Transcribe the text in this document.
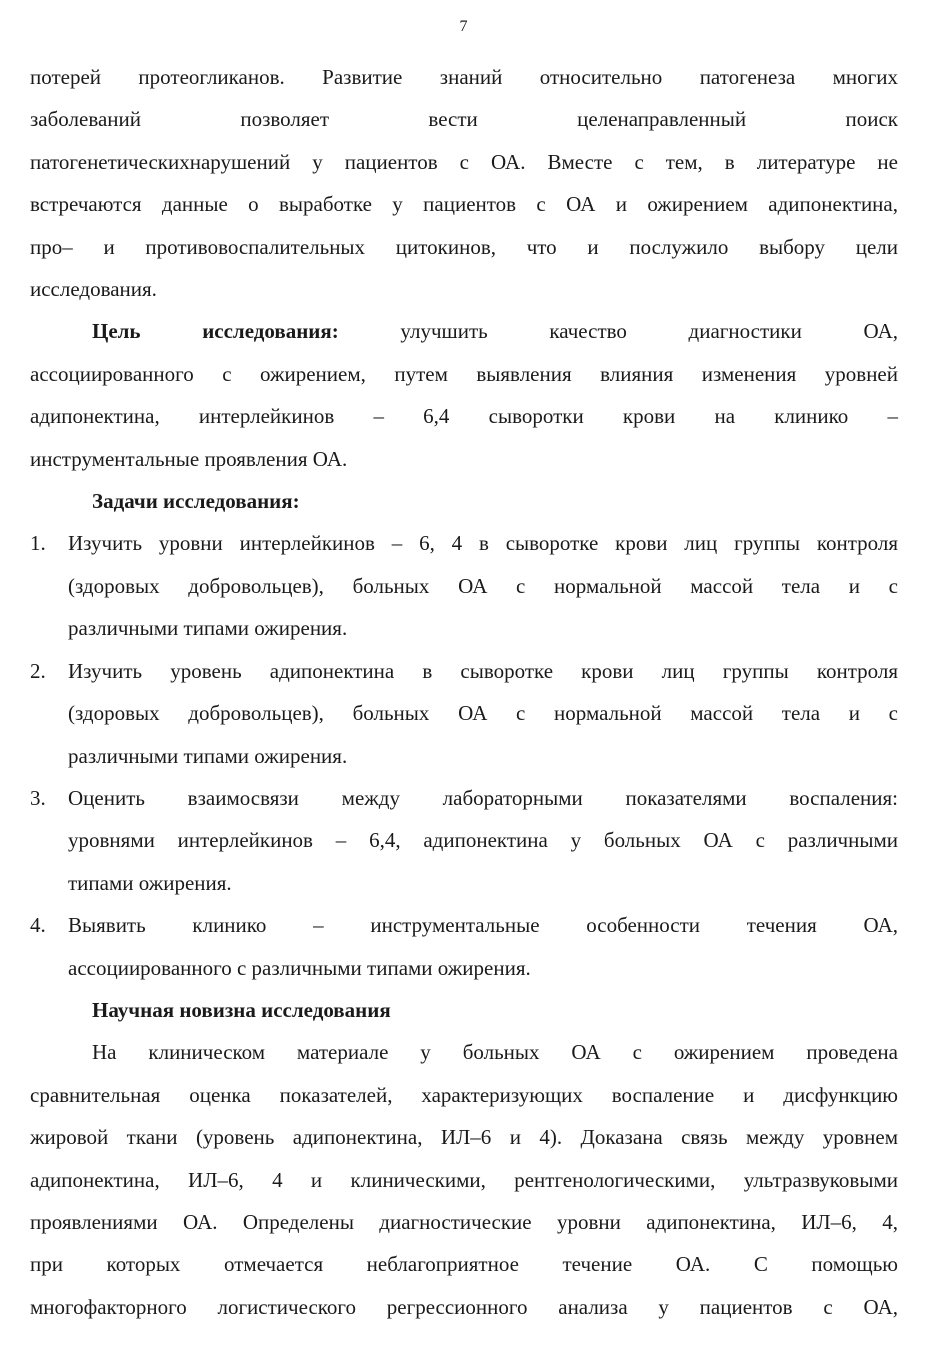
7

потерей протеогликанов. Развитие знаний относительно патогенеза многих

заболеваний позволяет вести целенаправленный поиск

патогенетическихнарушений у пациентов с ОА. Вместе с тем, в литературе не

встречаются данные о выработке у пациентов с ОА и ожирением адипонектина,

про– и противовоспалительных цитокинов, что и послужило выбору цели

исследования.

Цель исследования:	улучшить качество диагностики ОА,

ассоциированного с ожирением, путем выявления влияния изменения уровней

адипонектина, интерлейкинов – 6,4 сыворотки крови на клинико –

инструментальные проявления ОА.

Задачи исследования:

1. Изучить уровни интерлейкинов – 6, 4 в сыворотке крови лиц группы контроля

(здоровых добровольцев), больных ОА с нормальной массой тела и с

различными типами ожирения.

2. Изучить уровень адипонектина в сыворотке крови лиц группы контроля

(здоровых добровольцев), больных ОА с нормальной массой тела и с

различными типами ожирения.

3. Оценить взаимосвязи между лабораторными показателями воспаления:

уровнями интерлейкинов – 6,4, адипонектина у больных ОА с различными

типами ожирения.

4. Выявить клинико – инструментальные особенности течения ОА,

ассоциированного с различными типами ожирения.

Научная новизна исследования

На клиническом материале у больных ОА с ожирением проведена

сравнительная оценка показателей, характеризующих воспаление и дисфункцию

жировой ткани (уровень адипонектина, ИЛ–6 и 4). Доказана связь между уровнем

адипонектина, ИЛ–6, 4 и клиническими, рентгенологическими, ультразвуковыми

проявлениями ОА. Определены диагностические уровни адипонектина, ИЛ–6, 4,

при которых отмечается неблагоприятное течение ОА. С помощью

многофакторного логистического регрессионного анализа у пациентов с ОА,
